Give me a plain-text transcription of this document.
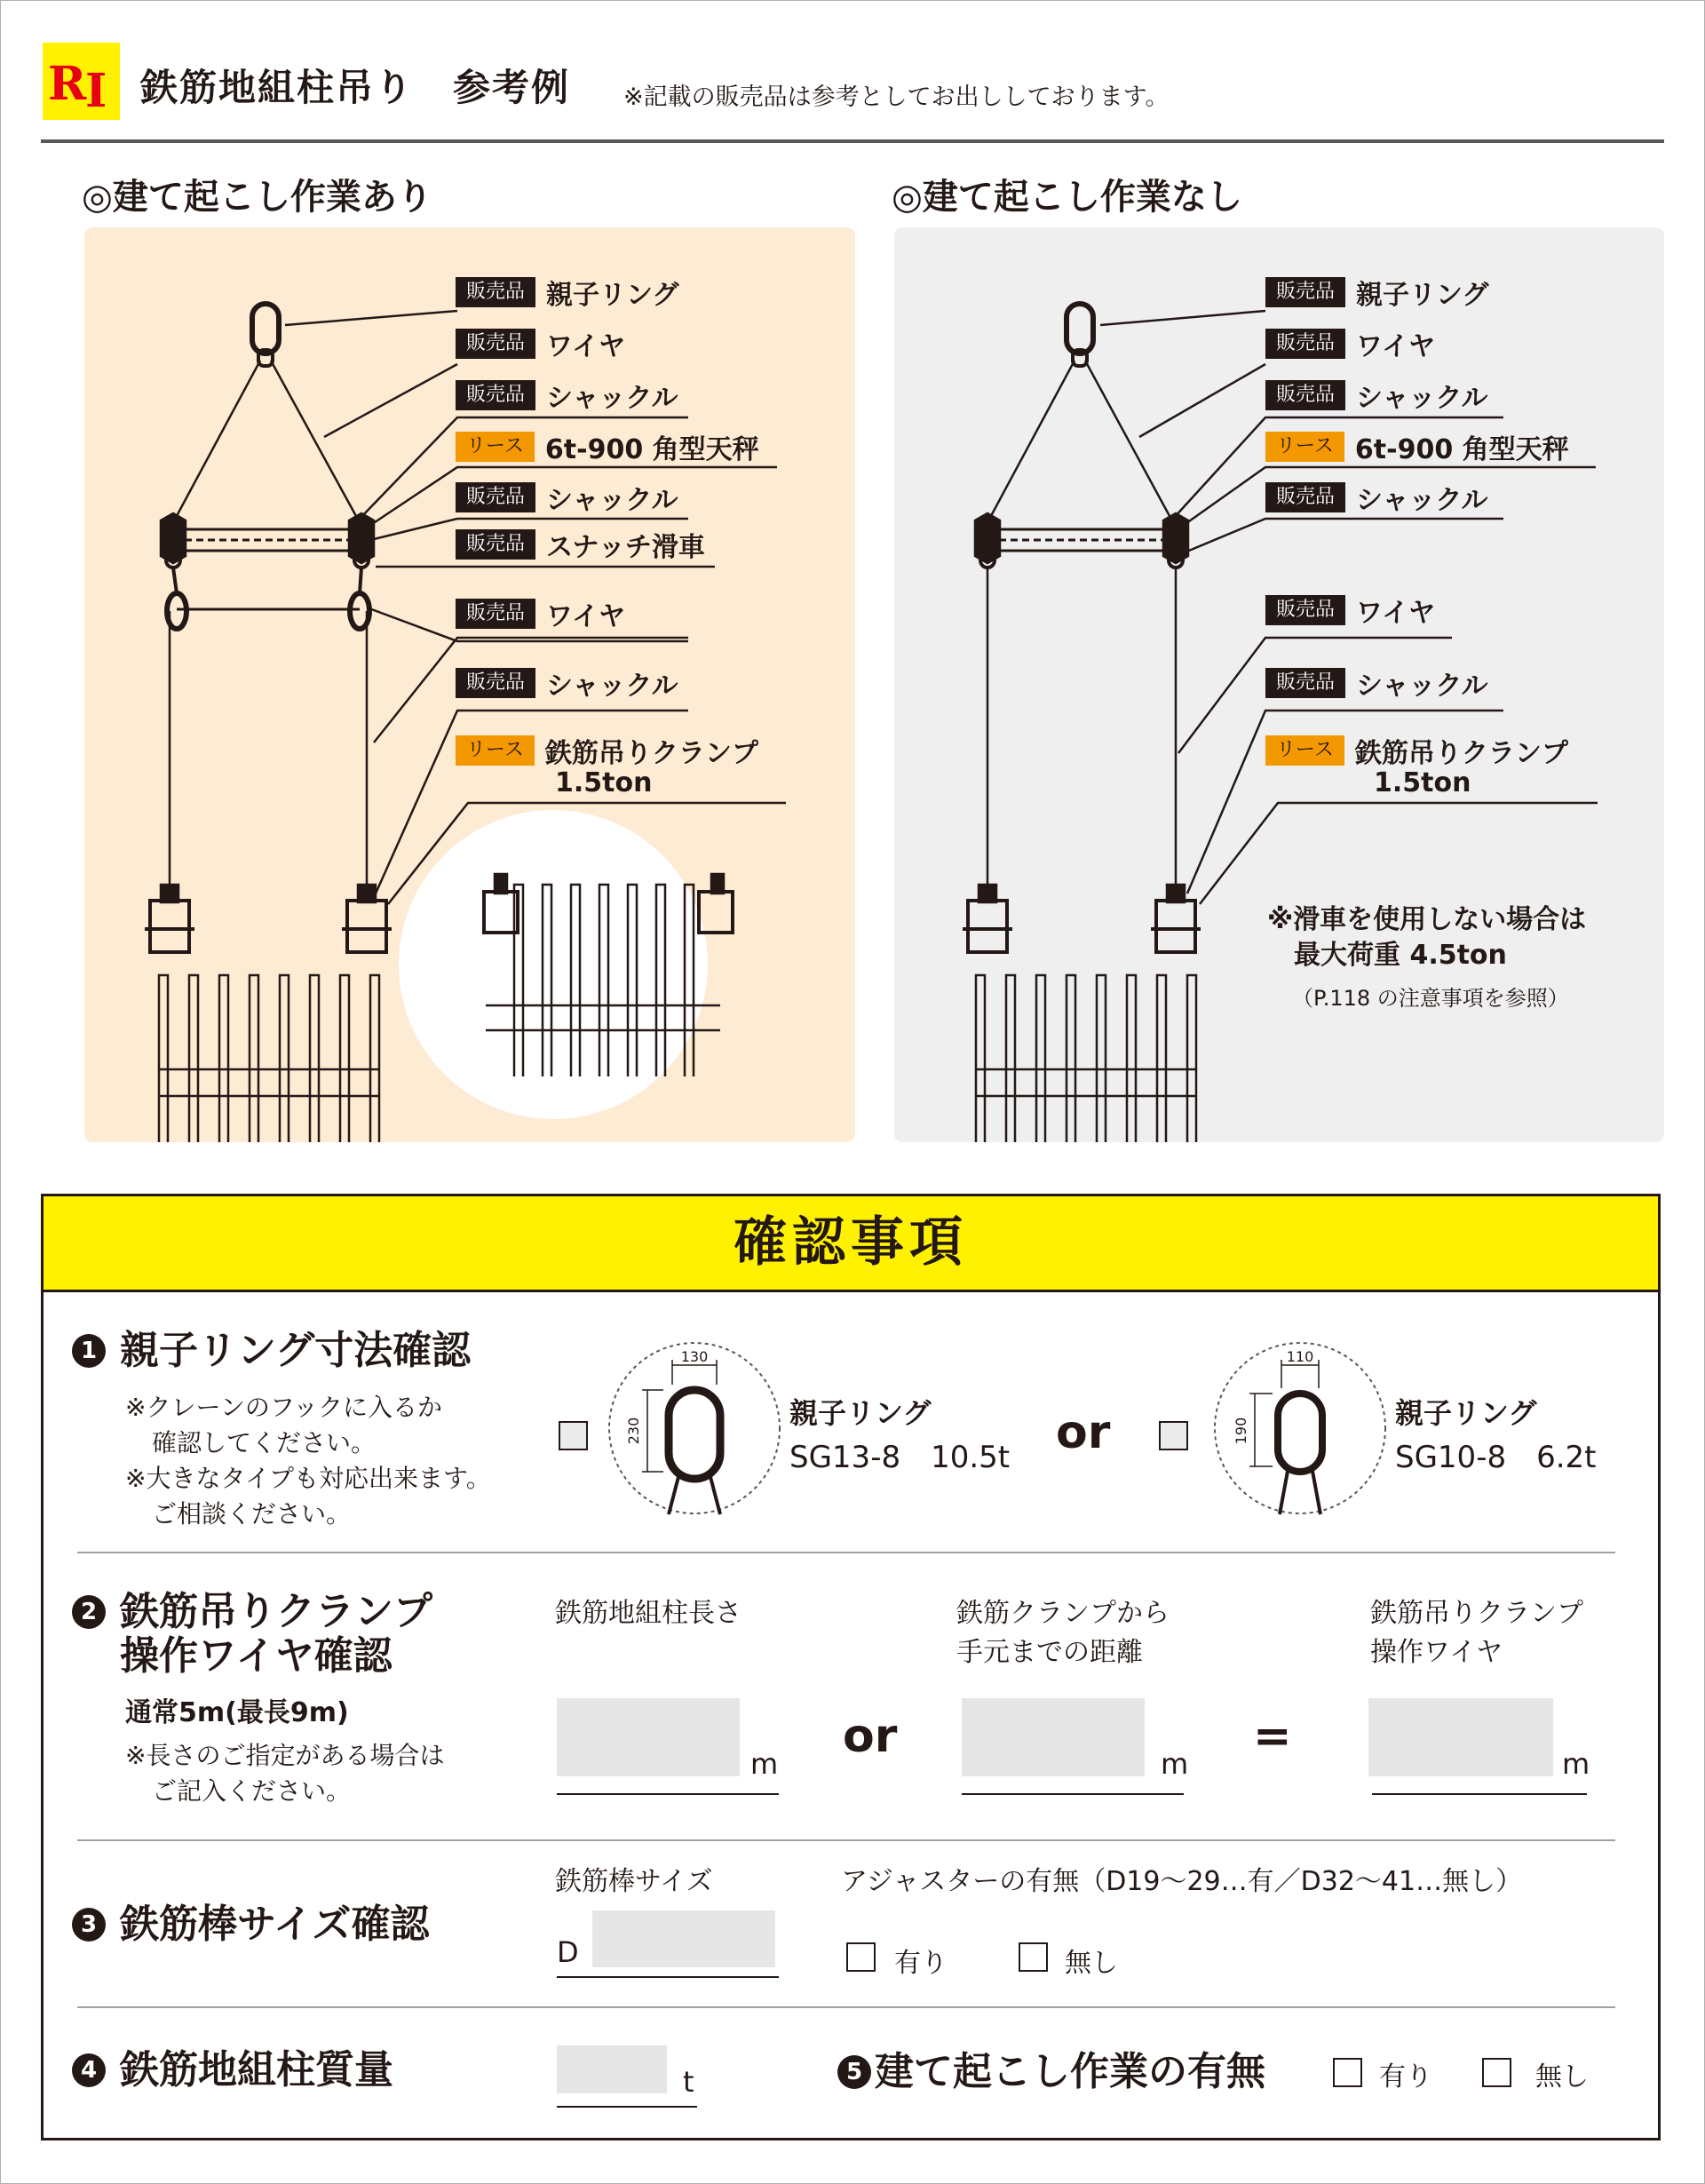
R
I 鉄筋地組柱吊り　参考例 ※記載の販売品は参考としてお出ししております。
◎建て起こし作業あり
販売品 親子リング
販売品 ワイヤ
販売品 シャックル
リース 6t-900 角型天秤
販売品 シャックル
販売品 スナッチ滑車
販売品 ワイヤ
販売品 シャックル
リース 鉄筋吊りクランプ
1.5ton
◎建て起こし作業なし
販売品 親子リング
販売品 ワイヤ
販売品 シャックル
リース 6t-900 角型天秤
販売品 シャックル
販売品 ワイヤ
販売品 シャックル
リース 鉄筋吊りクランプ
1.5ton
※滑車を使用しない場合は
最大荷重 4.5ton
（P.118 の注意事項を参照）
確認事項
1 親子リング寸法確認
※クレーンのフックに入るか
確認してください。
※大きなタイプも対応出来ます。
ご相談ください。
130
230
親子リング
SG13-8　10.5t or
110
190
親子リング
SG10-8　6.2t
2 鉄筋吊りクランプ
操作ワイヤ確認
通常5m(最長9m)
※長さのご指定がある場合は
ご記入ください。
鉄筋地組柱長さ
m
or
鉄筋クランプから
手元までの距離
m
=
鉄筋吊りクランプ
操作ワイヤ
m
3 鉄筋棒サイズ確認
鉄筋棒サイズ
D
アジャスターの有無（D19〜29…有／D32〜41…無し）
有り	無し
4 鉄筋地組柱質量	t	5 建て起こし作業の有無	有り	無し
